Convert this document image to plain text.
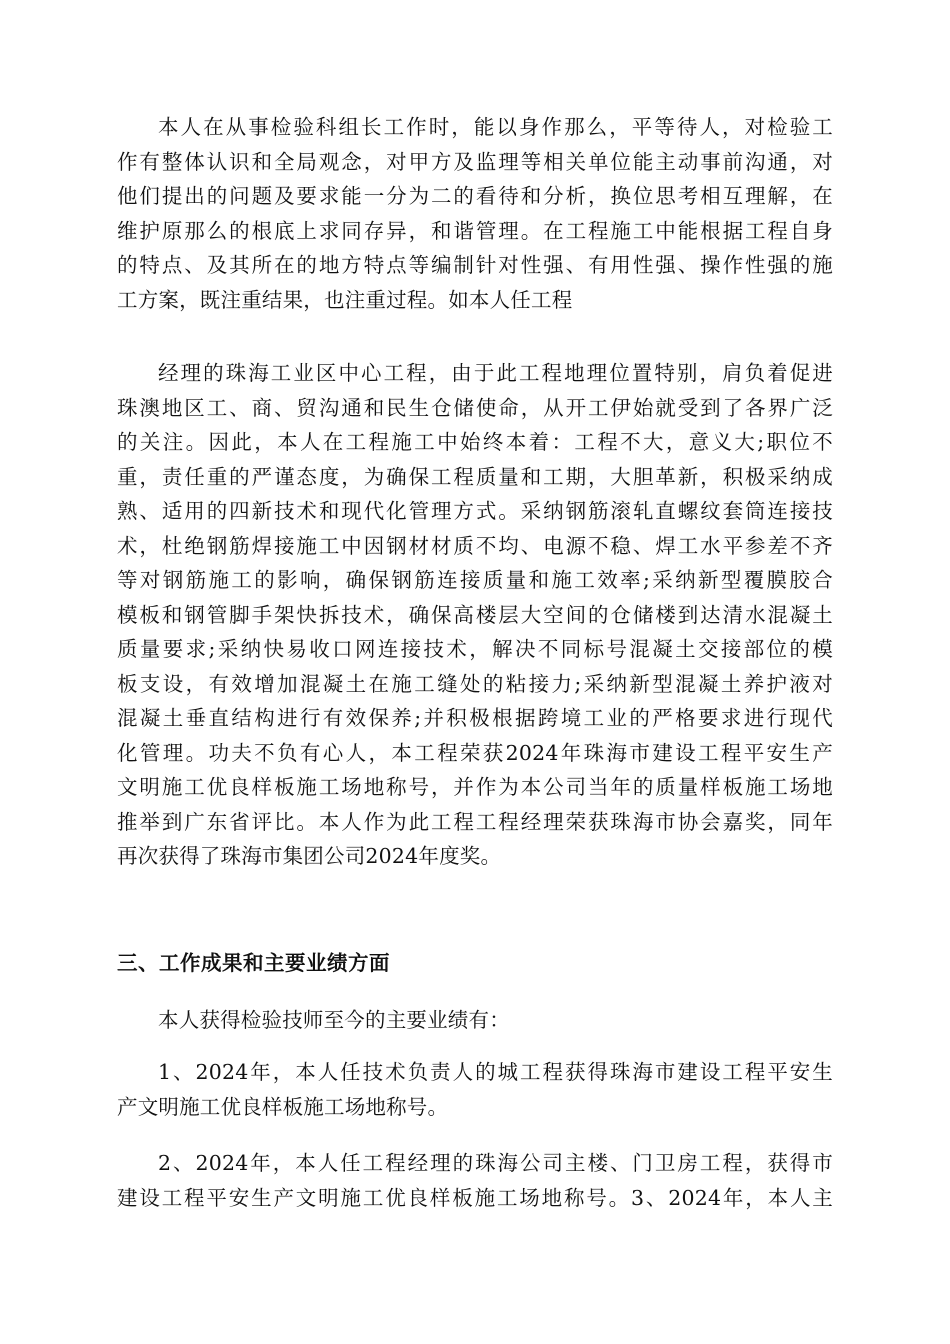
本人在从事检验科组长工作时，能以身作那么，平等待人，对检验工
作有整体认识和全局观念，对甲方及监理等相关单位能主动事前沟通，对
他们提出的问题及要求能一分为二的看待和分析，换位思考相互理解，在
维护原那么的根底上求同存异，和谐管理。在工程施工中能根据工程自身
的特点、及其所在的地方特点等编制针对性强、有用性强、操作性强的施
工方案，既注重结果，也注重过程。如本人任工程
经理的珠海工业区中心工程，由于此工程地理位置特别，肩负着促进
珠澳地区工、商、贸沟通和民生仓储使命，从开工伊始就受到了各界广泛
的关注。因此，本人在工程施工中始终本着：工程不大，意义大;职位不
重，责任重的严谨态度，为确保工程质量和工期，大胆革新，积极采纳成
熟、适用的四新技术和现代化管理方式。采纳钢筋滚轧直螺纹套筒连接技
术，杜绝钢筋焊接施工中因钢材材质不均、电源不稳、焊工水平参差不齐
等对钢筋施工的影响，确保钢筋连接质量和施工效率;采纳新型覆膜胶合
模板和钢管脚手架快拆技术，确保高楼层大空间的仓储楼到达清水混凝土
质量要求;采纳快易收口网连接技术，解决不同标号混凝土交接部位的模
板支设，有效增加混凝土在施工缝处的粘接力;采纳新型混凝土养护液对
混凝土垂直结构进行有效保养;并积极根据跨境工业的严格要求进行现代
化管理。功夫不负有心人，本工程荣获2024年珠海市建设工程平安生产
文明施工优良样板施工场地称号，并作为本公司当年的质量样板施工场地
推举到广东省评比。本人作为此工程工程经理荣获珠海市协会嘉奖，同年
再次获得了珠海市集团公司2024年度奖。
三、工作成果和主要业绩方面
本人获得检验技师至今的主要业绩有：
1、2024年，本人任技术负责人的城工程获得珠海市建设工程平安生
产文明施工优良样板施工场地称号。
2、2024年，本人任工程经理的珠海公司主楼、门卫房工程，获得市
建设工程平安生产文明施工优良样板施工场地称号。3、2024年，本人主
